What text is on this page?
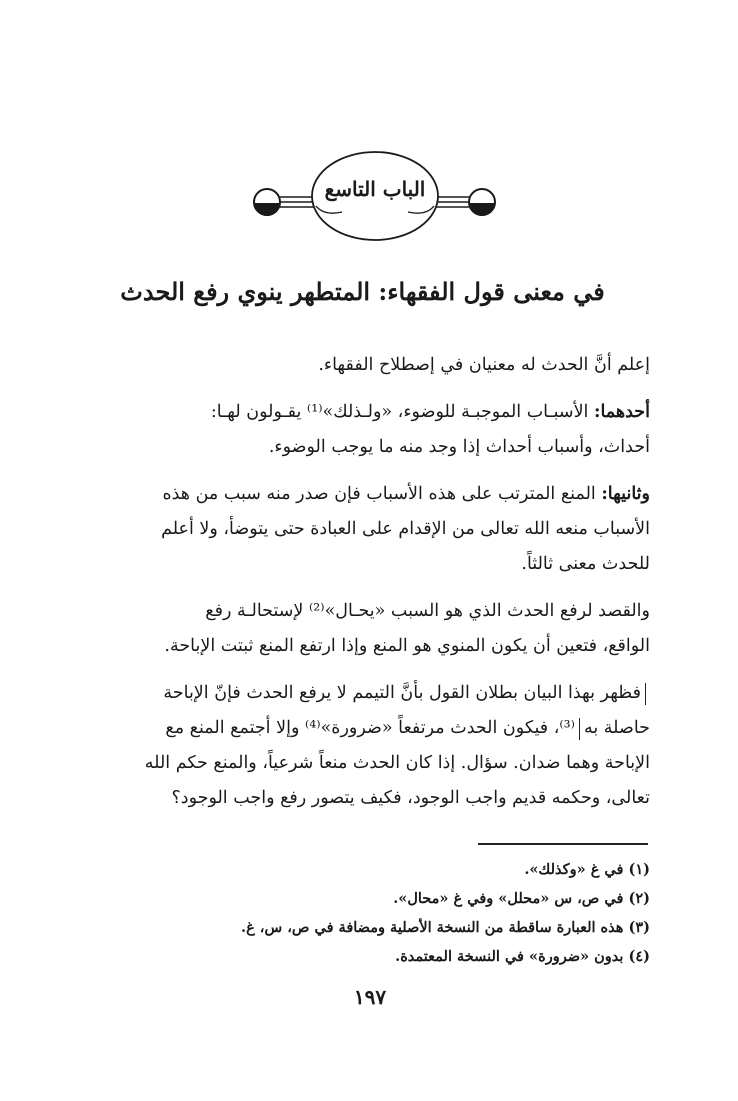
الباب التاسع
في معنى قول الفقهاء: المتطهر ينوي رفع الحدث

إعلم أنَّ الحدث له معنيان في إصطلاح الفقهاء.

أحدهما: الأسبـاب الموجبـة للوضوء، «ولـذلك»⁽¹⁾ يقـولون لهـا:
أحداث، وأسباب أحداث إذا وجد منه ما يوجب الوضوء.

وثانيها: المنع المترتب على هذه الأسباب فإن صدر منه سبب من هذه
الأسباب منعه الله تعالى من الإقدام على العبادة حتى يتوضأ، ولا أعلم
للحدث معنى ثالثاً.

والقصد لرفع الحدث الذي هو السبب «يحـال»⁽²⁾ لإستحالـة رفع
الواقع، فتعين أن يكون المنوي هو المنع وإذا ارتفع المنع ثبتت الإباحة.

فظهر بهذا البيان بطلان القول بأنَّ التيمم لا يرفع الحدث فإنّ الإباحة
حاصلة به⁽³⁾، فيكون الحدث مرتفعاً «ضرورة»⁽⁴⁾ وإلا أجتمع المنع مع
الإباحة وهما ضدان. سؤال. إذا كان الحدث منعاً شرعياً، والمنع حكم الله
تعالى، وحكمه قديم واجب الوجود، فكيف يتصور رفع واجب الوجود؟

(١) في غ «وكذلك».
(٢) في ص، س «محلل» وفي غ «محال».
(٣) هذه العبارة ساقطة من النسخة الأصلية ومضافة في ص، س، غ.
(٤) بدون «ضرورة» في النسخة المعتمدة.
١٩٧
